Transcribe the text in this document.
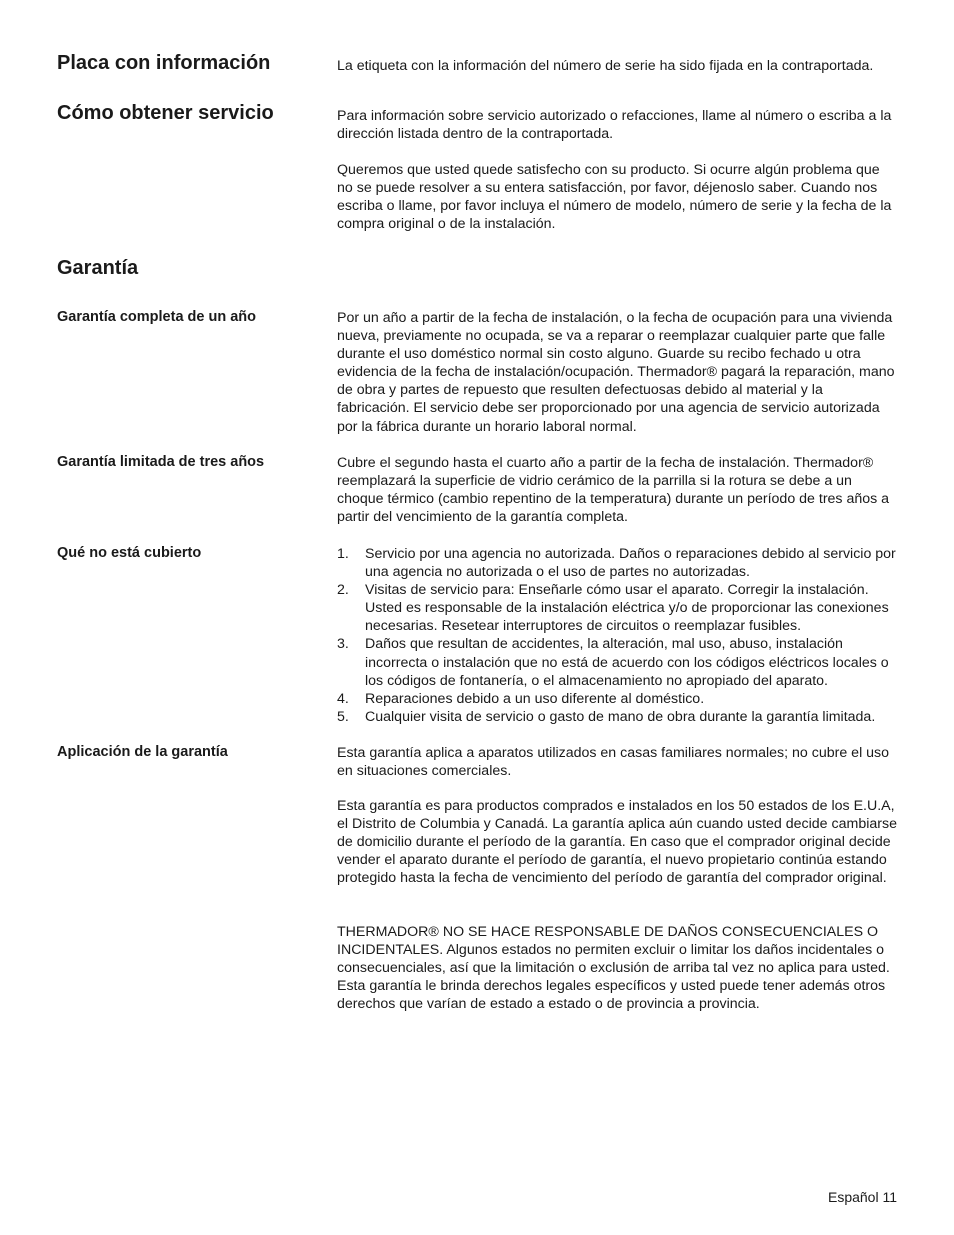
Placa con información	La etiqueta con la información del número de serie ha sido fijada en la contraportada.

Cómo obtener servicio	Para información sobre servicio autorizado o refacciones, llame al número o escriba a la dirección listada dentro de la contraportada.

Queremos que usted quede satisfecho con su producto. Si ocurre algún problema que no se puede resolver a su entera satisfacción, por favor, déjenoslo saber. Cuando nos escriba o llame, por favor incluya el número de modelo, número de serie y la fecha de la compra original o de la instalación.

Garantía
Garantía completa de un año	Por un año a partir de la fecha de instalación, o la fecha de ocupación para una vivienda nueva, previamente no ocupada, se va a reparar o reemplazar cualquier parte que falle durante el uso doméstico normal sin costo alguno. Guarde su recibo fechado u otra evidencia de la fecha de instalación/ocupación. Thermador® pagará la reparación, mano de obra y partes de repuesto que resulten defectuosas debido al material y la fabricación. El servicio debe ser proporcionado por una agencia de servicio autorizada por la fábrica durante un horario laboral normal.

Garantía limitada de tres años	Cubre el segundo hasta el cuarto año a partir de la fecha de instalación. Thermador® reemplazará la superficie de vidrio cerámico de la parrilla si la rotura se debe a un choque térmico (cambio repentino de la temperatura) durante un período de tres años a partir del vencimiento de la garantía completa.

Qué no está cubierto	1. Servicio por una agencia no autorizada. Daños o reparaciones debido al servicio por una agencia no autorizada o el uso de partes no autorizadas.
2. Visitas de servicio para: Enseñarle cómo usar el aparato. Corregir la instalación. Usted es responsable de la instalación eléctrica y/o de proporcionar las conexiones necesarias. Resetear interruptores de circuitos o reemplazar fusibles.
3. Daños que resultan de accidentes, la alteración, mal uso, abuso, instalación incorrecta o instalación que no está de acuerdo con los códigos eléctricos locales o los códigos de fontanería, o el almacenamiento no apropiado del aparato.
4. Reparaciones debido a un uso diferente al doméstico.
5. Cualquier visita de servicio o gasto de mano de obra durante la garantía limitada.
Aplicación de la garantía	Esta garantía aplica a aparatos utilizados en casas familiares normales; no cubre el uso en situaciones comerciales.

Esta garantía es para productos comprados e instalados en los 50 estados de los E.U.A, el Distrito de Columbia y Canadá. La garantía aplica aún cuando usted decide cambiarse de domicilio durante el período de la garantía. En caso que el comprador original decide vender el aparato durante el período de garantía, el nuevo propietario continúa estando protegido hasta la fecha de vencimiento del período de garantía del comprador original.

THERMADOR® NO SE HACE RESPONSABLE DE DAÑOS CONSECUENCIALES O INCIDENTALES. Algunos estados no permiten excluir o limitar los daños incidentales o consecuenciales, así que la limitación o exclusión de arriba tal vez no aplica para usted. Esta garantía le brinda derechos legales específicos y usted puede tener además otros derechos que varían de estado a estado o de provincia a provincia.

Español 11
